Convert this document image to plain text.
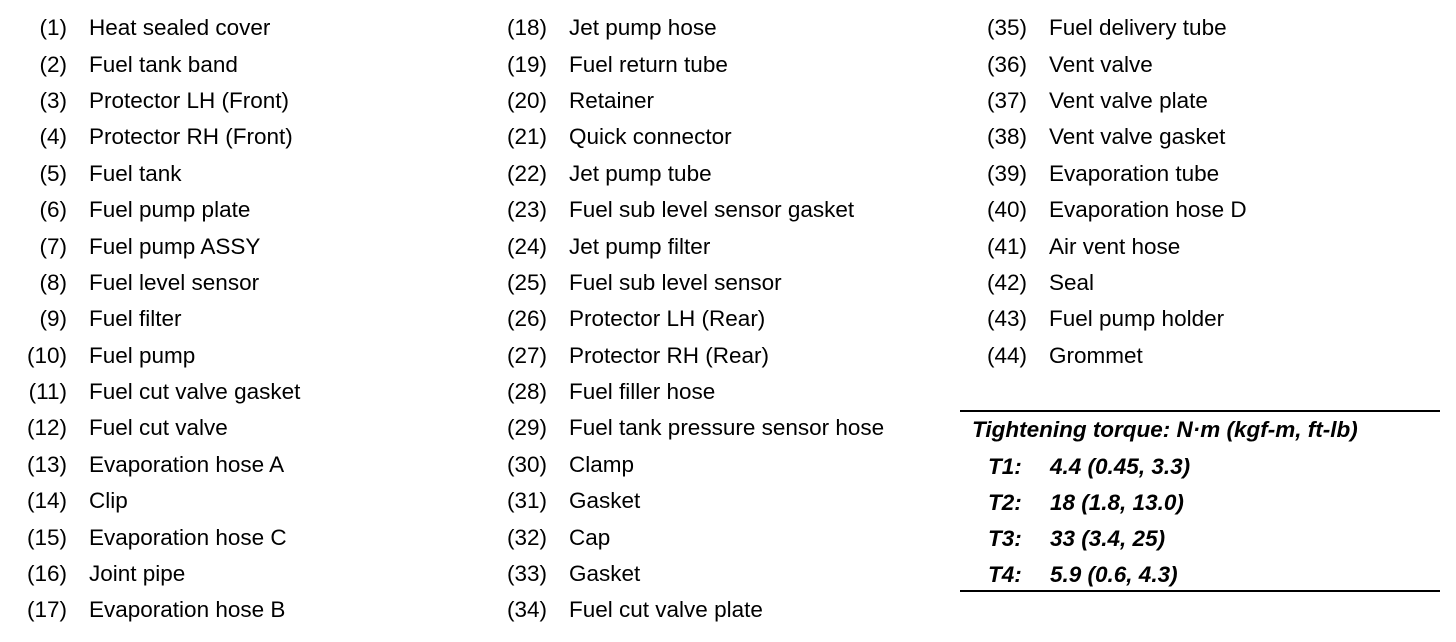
(1) Heat sealed cover
(2) Fuel tank band
(3) Protector LH (Front)
(4) Protector RH (Front)
(5) Fuel tank
(6) Fuel pump plate
(7) Fuel pump ASSY
(8) Fuel level sensor
(9) Fuel filter
(10) Fuel pump
(11) Fuel cut valve gasket
(12) Fuel cut valve
(13) Evaporation hose A
(14) Clip
(15) Evaporation hose C
(16) Joint pipe
(17) Evaporation hose B
(18) Jet pump hose
(19) Fuel return tube
(20) Retainer
(21) Quick connector
(22) Jet pump tube
(23) Fuel sub level sensor gasket
(24) Jet pump filter
(25) Fuel sub level sensor
(26) Protector LH (Rear)
(27) Protector RH (Rear)
(28) Fuel filler hose
(29) Fuel tank pressure sensor hose
(30) Clamp
(31) Gasket
(32) Cap
(33) Gasket
(34) Fuel cut valve plate
(35) Fuel delivery tube
(36) Vent valve
(37) Vent valve plate
(38) Vent valve gasket
(39) Evaporation tube
(40) Evaporation hose D
(41) Air vent hose
(42) Seal
(43) Fuel pump holder
(44) Grommet
Tightening torque: N·m (kgf-m, ft-lb)
T1: 4.4 (0.45, 3.3)
T2: 18 (1.8, 13.0)
T3: 33 (3.4, 25)
T4: 5.9 (0.6, 4.3)
